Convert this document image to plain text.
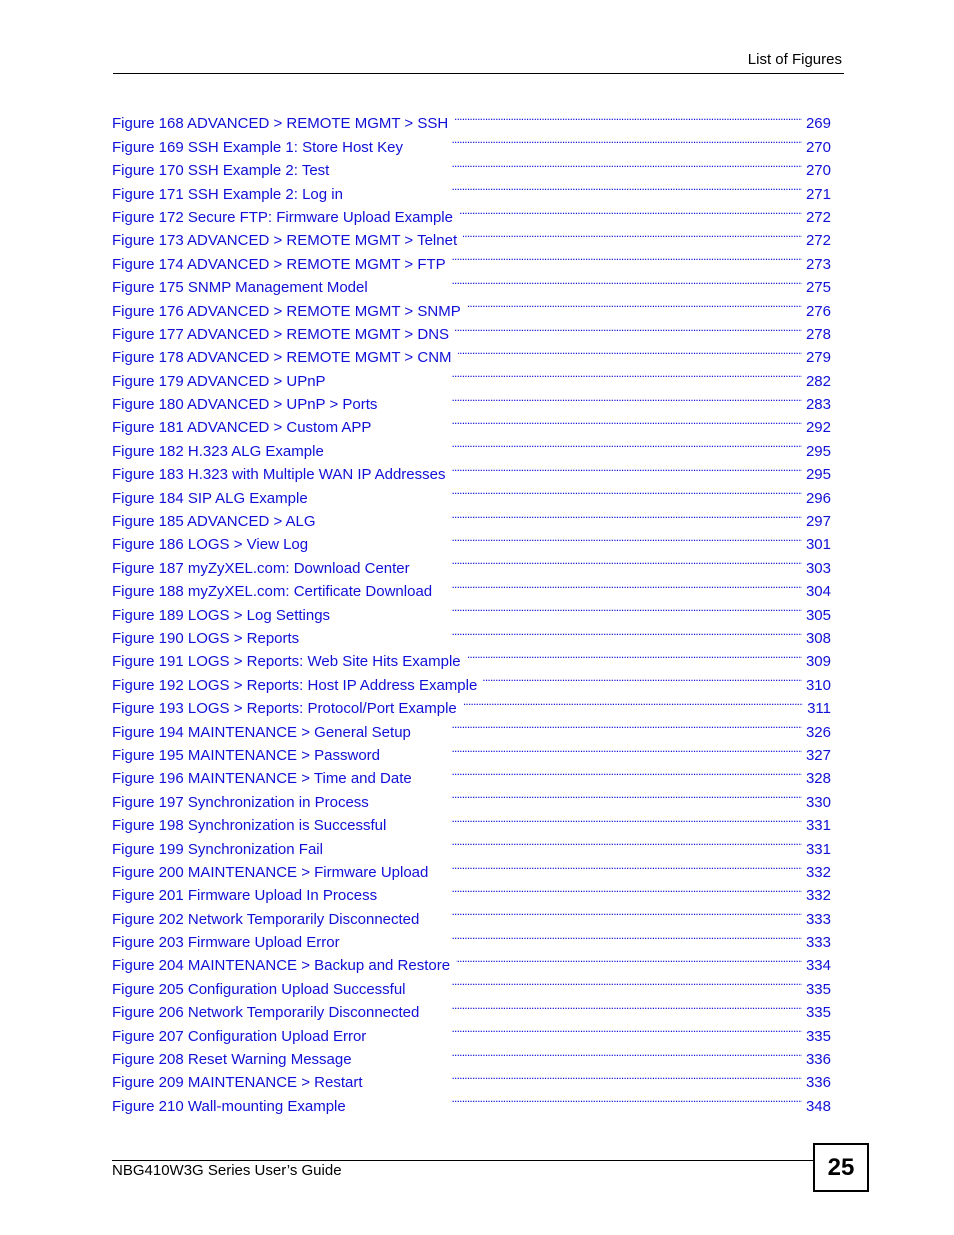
List of Figures
Figure 168 ADVANCED > REMOTE MGMT > SSH . . .	269
Figure 169 SSH Example 1: Store Host Key . . .	270
Figure 170 SSH Example 2: Test . . .	270
Figure 171 SSH Example 2: Log in . . .	271
Figure 172 Secure FTP: Firmware Upload Example . . .	272
Figure 173 ADVANCED > REMOTE MGMT > Telnet . . .	272
Figure 174 ADVANCED > REMOTE MGMT > FTP . . .	273
Figure 175 SNMP Management Model . . .	275
Figure 176 ADVANCED > REMOTE MGMT > SNMP . . .	276
Figure 177 ADVANCED > REMOTE MGMT > DNS . . .	278
Figure 178 ADVANCED > REMOTE MGMT > CNM . . .	279
Figure 179 ADVANCED > UPnP . . .	282
Figure 180 ADVANCED > UPnP > Ports . . .	283
Figure 181 ADVANCED > Custom APP . . .	292
Figure 182 H.323 ALG Example . . .	295
Figure 183 H.323 with Multiple WAN IP Addresses . . .	295
Figure 184 SIP ALG Example . . .	296
Figure 185 ADVANCED > ALG . . .	297
Figure 186 LOGS > View Log . . .	301
Figure 187 myZyXEL.com: Download Center . . .	303
Figure 188 myZyXEL.com: Certificate Download . . .	304
Figure 189 LOGS > Log Settings . . .	305
Figure 190 LOGS > Reports . . .	308
Figure 191 LOGS > Reports: Web Site Hits Example . . .	309
Figure 192 LOGS > Reports: Host IP Address Example . . .	310
Figure 193 LOGS > Reports: Protocol/Port Example . . .	311
Figure 194 MAINTENANCE > General Setup . . .	326
Figure 195 MAINTENANCE > Password . . .	327
Figure 196 MAINTENANCE > Time and Date . . .	328
Figure 197 Synchronization in Process . . .	330
Figure 198 Synchronization is Successful . . .	331
Figure 199 Synchronization Fail . . .	331
Figure 200 MAINTENANCE > Firmware Upload . . .	332
Figure 201 Firmware Upload In Process . . .	332
Figure 202 Network Temporarily Disconnected . . .	333
Figure 203 Firmware Upload Error . . .	333
Figure 204 MAINTENANCE > Backup and Restore . . .	334
Figure 205 Configuration Upload Successful . . .	335
Figure 206 Network Temporarily Disconnected . . .	335
Figure 207 Configuration Upload Error . . .	335
Figure 208 Reset Warning Message . . .	336
Figure 209 MAINTENANCE > Restart . . .	336
Figure 210 Wall-mounting Example . . .	348
NBG410W3G Series User’s Guide	25
